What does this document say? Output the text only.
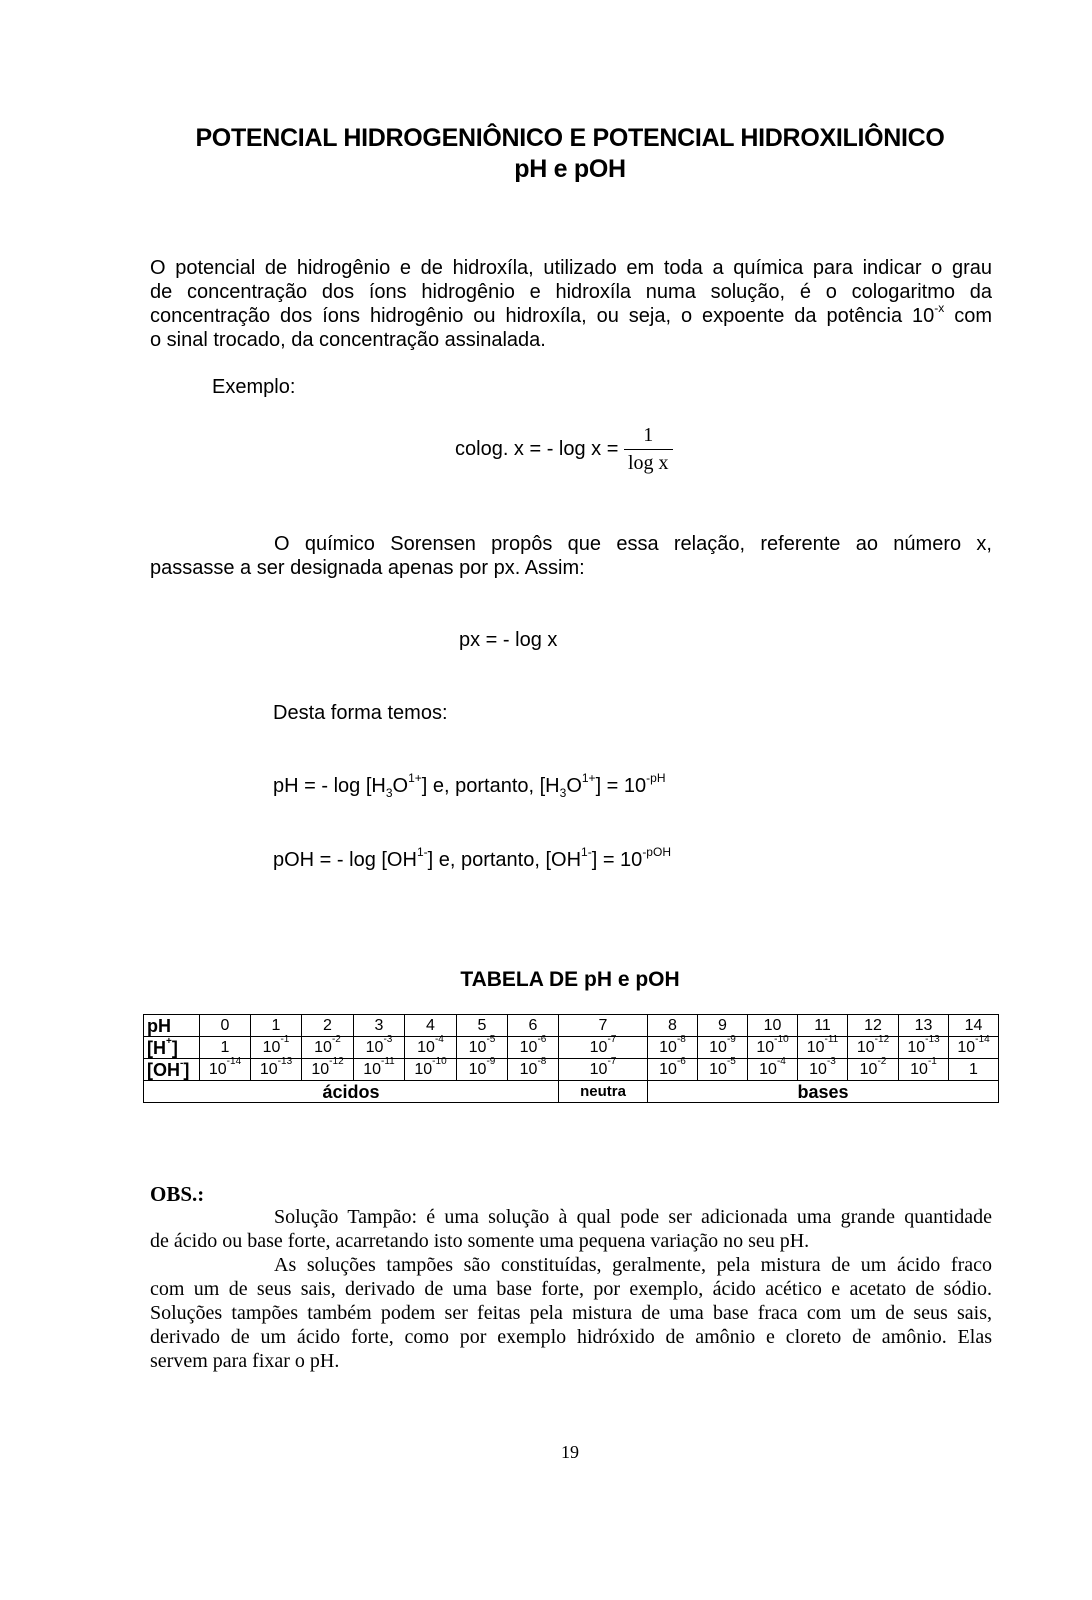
POTENCIAL HIDROGENIÔNICO E POTENCIAL HIDROXILIÔNICO
pH e pOH
O potencial de hidrogênio e de hidroxíla, utilizado em toda a química para indicar o grau
de concentração dos íons hidrogênio e hidroxíla numa solução, é o cologaritmo da
concentração dos íons hidrogênio ou hidroxíla, ou seja, o expoente da potência $10^{-x}$ com
o sinal trocado, da concentração assinalada.
Exemplo:
colog. x = - $\log x = \frac{1}{\text{log x}}$
O químico Sorensen propôs que essa relação, referente ao número x,
passasse a ser designada apenas por px. Assim:
px = - log x
Desta forma temos:
pH = - $\log [H_3O^{1+}]$ e, portanto, $[H_3O^{1+}] = 10^{-pH}$
pOH = - $\log [OH^{1-}]$ e, portanto, $[OH^{1-}] = 10^{-pOH}$
TABELA DE pH e pOH
pH	0	1	2	3	4	5	6	7	8	9	10	11	12	13	14
[H+]	1	$10^{-1}$	$10^{-2}$	$10^{-3}$	$10^{-4}$	$10^{-5}$	$10^{-6}$	$10^{-7}$	$10^{-8}$	$10^{-9}$	$10^{-10}$	$10^{-11}$	$10^{-12}$	$10^{-13}$	$10^{-14}$
[OH-]	$10^{-14}$	$10^{-13}$	$10^{-12}$	$10^{-11}$	$10^{-10}$	$10^{-9}$	$10^{-8}$	$10^{-7}$	$10^{-6}$	$10^{-5}$	$10^{-4}$	$10^{-3}$	$10^{-2}$	$10^{-1}$	1
ácidos								neutra	bases						
OBS.:
Solução Tampão: é uma solução à qual pode ser adicionada uma grande quantidade
de ácido ou base forte, acarretando isto somente uma pequena variação no seu pH.
As soluções tampões são constituídas, geralmente, pela mistura de um ácido fraco
com um de seus sais, derivado de uma base forte, por exemplo, ácido acético e acetato de sódio.
Soluções tampões também podem ser feitas pela mistura de uma base fraca com um de seus sais,
derivado de um ácido forte, como por exemplo hidróxido de amônio e cloreto de amônio. Elas
servem para fixar o pH.
19
